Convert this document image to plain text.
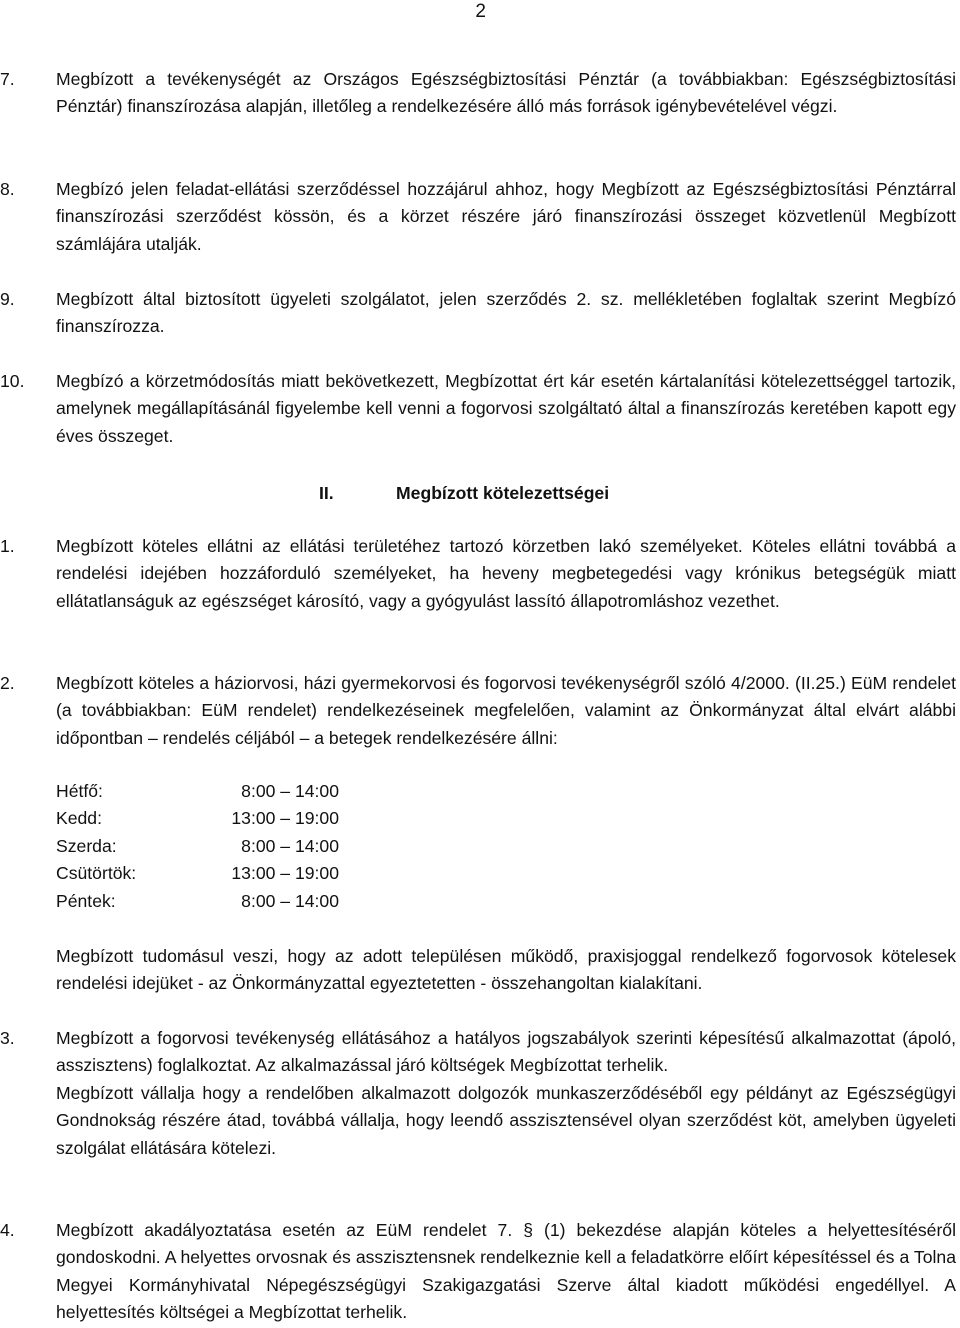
2
7. Megbízott a tevékenységét az Országos Egészségbiztosítási Pénztár (a továbbiakban: Egészségbiztosítási Pénztár) finanszírozása alapján, illetőleg a rendelkezésére álló más források igénybevételével végzi.

8. Megbízó jelen feladat-ellátási szerződéssel hozzájárul ahhoz, hogy Megbízott az Egészségbiztosítási Pénztárral finanszírozási szerződést kössön, és a körzet részére járó finanszírozási összeget közvetlenül Megbízott számlájára utalják.

9. Megbízott által biztosított ügyeleti szolgálatot, jelen szerződés 2. sz. mellékletében foglaltak szerint Megbízó finanszírozza.

10. Megbízó a körzetmódosítás miatt bekövetkezett, Megbízottat ért kár esetén kártalanítási kötelezettséggel tartozik, amelynek megállapításánál figyelembe kell venni a fogorvosi szolgáltató által a finanszírozás keretében kapott egy éves összeget.

II.	Megbízott kötelezettségei
1. Megbízott köteles ellátni az ellátási területéhez tartozó körzetben lakó személyeket. Köteles ellátni továbbá a rendelési idejében hozzáforduló személyeket, ha heveny megbetegedési vagy krónikus betegségük miatt ellátatlanságuk az egészséget károsító, vagy a gyógyulást lassító állapotromláshoz vezethet.

2. Megbízott köteles a háziorvosi, házi gyermekorvosi és fogorvosi tevékenységről szóló 4/2000. (II.25.) EüM rendelet (a továbbiakban: EüM rendelet) rendelkezéseinek megfelelően, valamint az Önkormányzat által elvárt alábbi időpontban – rendelés céljából – a betegek rendelkezésére állni:

Hétfő:	8:00 – 14:00
Kedd:	13:00 – 19:00
Szerda:	8:00 – 14:00
Csütörtök:	13:00 – 19:00
Péntek:	8:00 – 14:00

Megbízott tudomásul veszi, hogy az adott településen működő, praxisjoggal rendelkező fogorvosok kötelesek rendelési idejüket - az Önkormányzattal egyeztetetten - összehangoltan kialakítani.

3. Megbízott a fogorvosi tevékenység ellátásához a hatályos jogszabályok szerinti képesítésű alkalmazottat (ápoló, asszisztens) foglalkoztat. Az alkalmazással járó költségek Megbízottat terhelik.

Megbízott vállalja hogy a rendelőben alkalmazott dolgozók munkaszerződéséből egy példányt az Egészségügyi Gondnokság részére átad, továbbá vállalja, hogy leendő asszisztensével olyan szerződést köt, amelyben ügyeleti szolgálat ellátására kötelezi.

4. Megbízott akadályoztatása esetén az EüM rendelet 7. § (1) bekezdése alapján köteles a helyettesítéséről gondoskodni. A helyettes orvosnak és asszisztensnek rendelkeznie kell a feladatkörre előírt képesítéssel és a Tolna Megyei Kormányhivatal Népegészségügyi Szakigazgatási Szerve által kiadott működési engedéllyel. A helyettesítés költségei a Megbízottat terhelik.
